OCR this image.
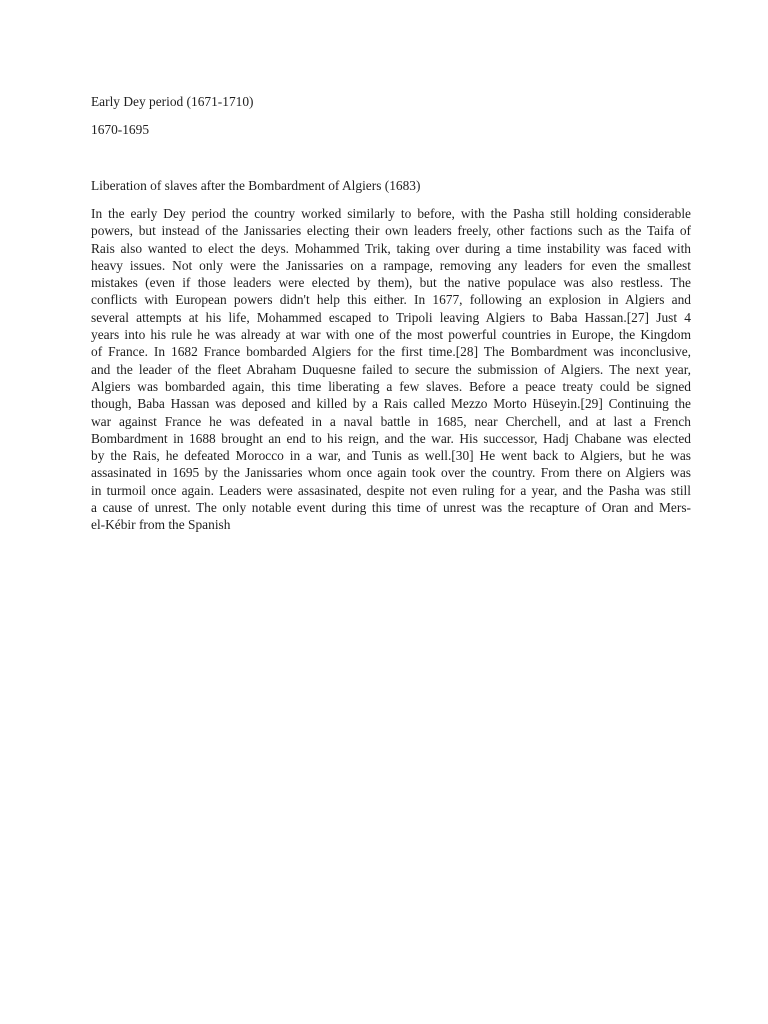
Early Dey period (1671-1710)
1670-1695
Liberation of slaves after the Bombardment of Algiers (1683)
In the early Dey period the country worked similarly to before, with the Pasha still holding considerable
powers, but instead of the Janissaries electing their own leaders freely, other factions such as the Taifa of
Rais also wanted to elect the deys. Mohammed Trik, taking over during a time instability was faced with
heavy issues. Not only were the Janissaries on a rampage, removing any leaders for even the smallest
mistakes (even if those leaders were elected by them), but the native populace was also restless. The
conflicts with European powers didn't help this either. In 1677, following an explosion in Algiers and
several attempts at his life, Mohammed escaped to Tripoli leaving Algiers to Baba Hassan.[27] Just 4
years into his rule he was already at war with one of the most powerful countries in Europe, the Kingdom
of France. In 1682 France bombarded Algiers for the first time.[28] The Bombardment was inconclusive,
and the leader of the fleet Abraham Duquesne failed to secure the submission of Algiers. The next year,
Algiers was bombarded again, this time liberating a few slaves. Before a peace treaty could be signed
though, Baba Hassan was deposed and killed by a Rais called Mezzo Morto Hüseyin.[29] Continuing the
war against France he was defeated in a naval battle in 1685, near Cherchell, and at last a French
Bombardment in 1688 brought an end to his reign, and the war. His successor, Hadj Chabane was elected
by the Rais, he defeated Morocco in a war, and Tunis as well.[30] He went back to Algiers, but he was
assasinated in 1695 by the Janissaries whom once again took over the country. From there on Algiers was
in turmoil once again. Leaders were assasinated, despite not even ruling for a year, and the Pasha was still
a cause of unrest. The only notable event during this time of unrest was the recapture of Oran and Mers-
el-Kébir from the Spanish
